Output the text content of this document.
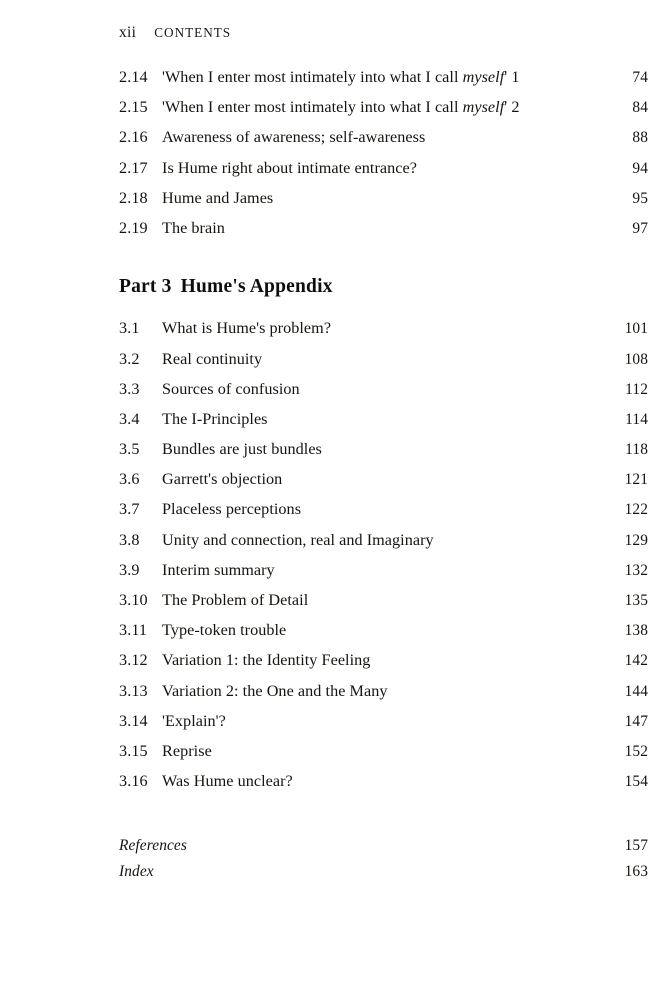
xii CONTENTS
2.14 'When I enter most intimately into what I call myself' 1	74
2.15 'When I enter most intimately into what I call myself' 2	84
2.16 Awareness of awareness; self-awareness	88
2.17 Is Hume right about intimate entrance?	94
2.18 Hume and James	95
2.19 The brain	97
Part 3 Hume's Appendix
3.1	What is Hume's problem?	101
3.2	Real continuity	108
3.3	Sources of confusion	112
3.4	The I-Principles	114
3.5	Bundles are just bundles	118
3.6	Garrett's objection	121
3.7	Placeless perceptions	122
3.8	Unity and connection, real and Imaginary	129
3.9	Interim summary	132
3.10 The Problem of Detail	135
3.11 Type-token trouble	138
3.12 Variation 1: the Identity Feeling	142
3.13 Variation 2: the One and the Many	144
3.14 'Explain'?	147
3.15 Reprise	152
3.16 Was Hume unclear?	154
References	157
Index	163
